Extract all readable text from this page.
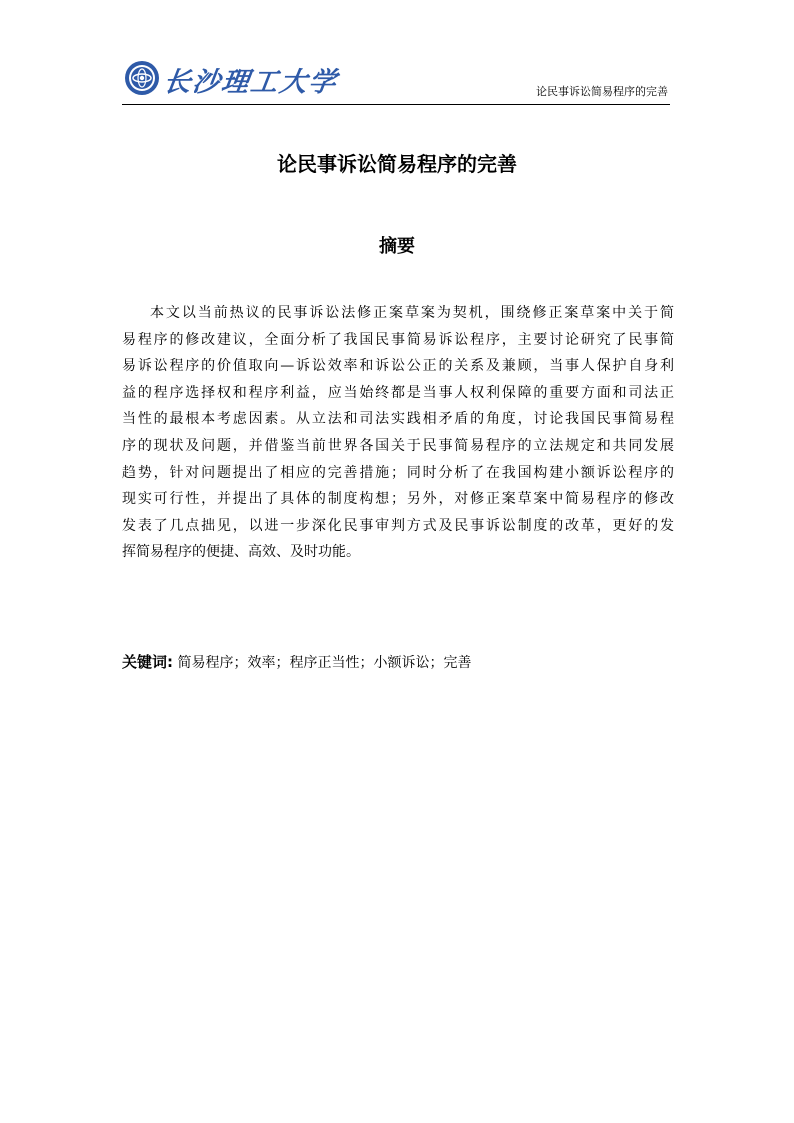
长沙理工大学	论民事诉讼简易程序的完善
论民事诉讼简易程序的完善
摘要
本文以当前热议的民事诉讼法修正案草案为契机，围绕修正案草案中关于简
易程序的修改建议，全面分析了我国民事简易诉讼程序，主要讨论研究了民事简
易诉讼程序的价值取向—诉讼效率和诉讼公正的关系及兼顾，当事人保护自身利
益的程序选择权和程序利益，应当始终都是当事人权利保障的重要方面和司法正
当性的最根本考虑因素。从立法和司法实践相矛盾的角度，讨论我国民事简易程
序的现状及问题，并借鉴当前世界各国关于民事简易程序的立法规定和共同发展
趋势，针对问题提出了相应的完善措施；同时分析了在我国构建小额诉讼程序的
现实可行性，并提出了具体的制度构想；另外，对修正案草案中简易程序的修改
发表了几点拙见，以进一步深化民事审判方式及民事诉讼制度的改革，更好的发
挥简易程序的便捷、高效、及时功能。
关键词: 简易程序；效率；程序正当性；小额诉讼；完善
